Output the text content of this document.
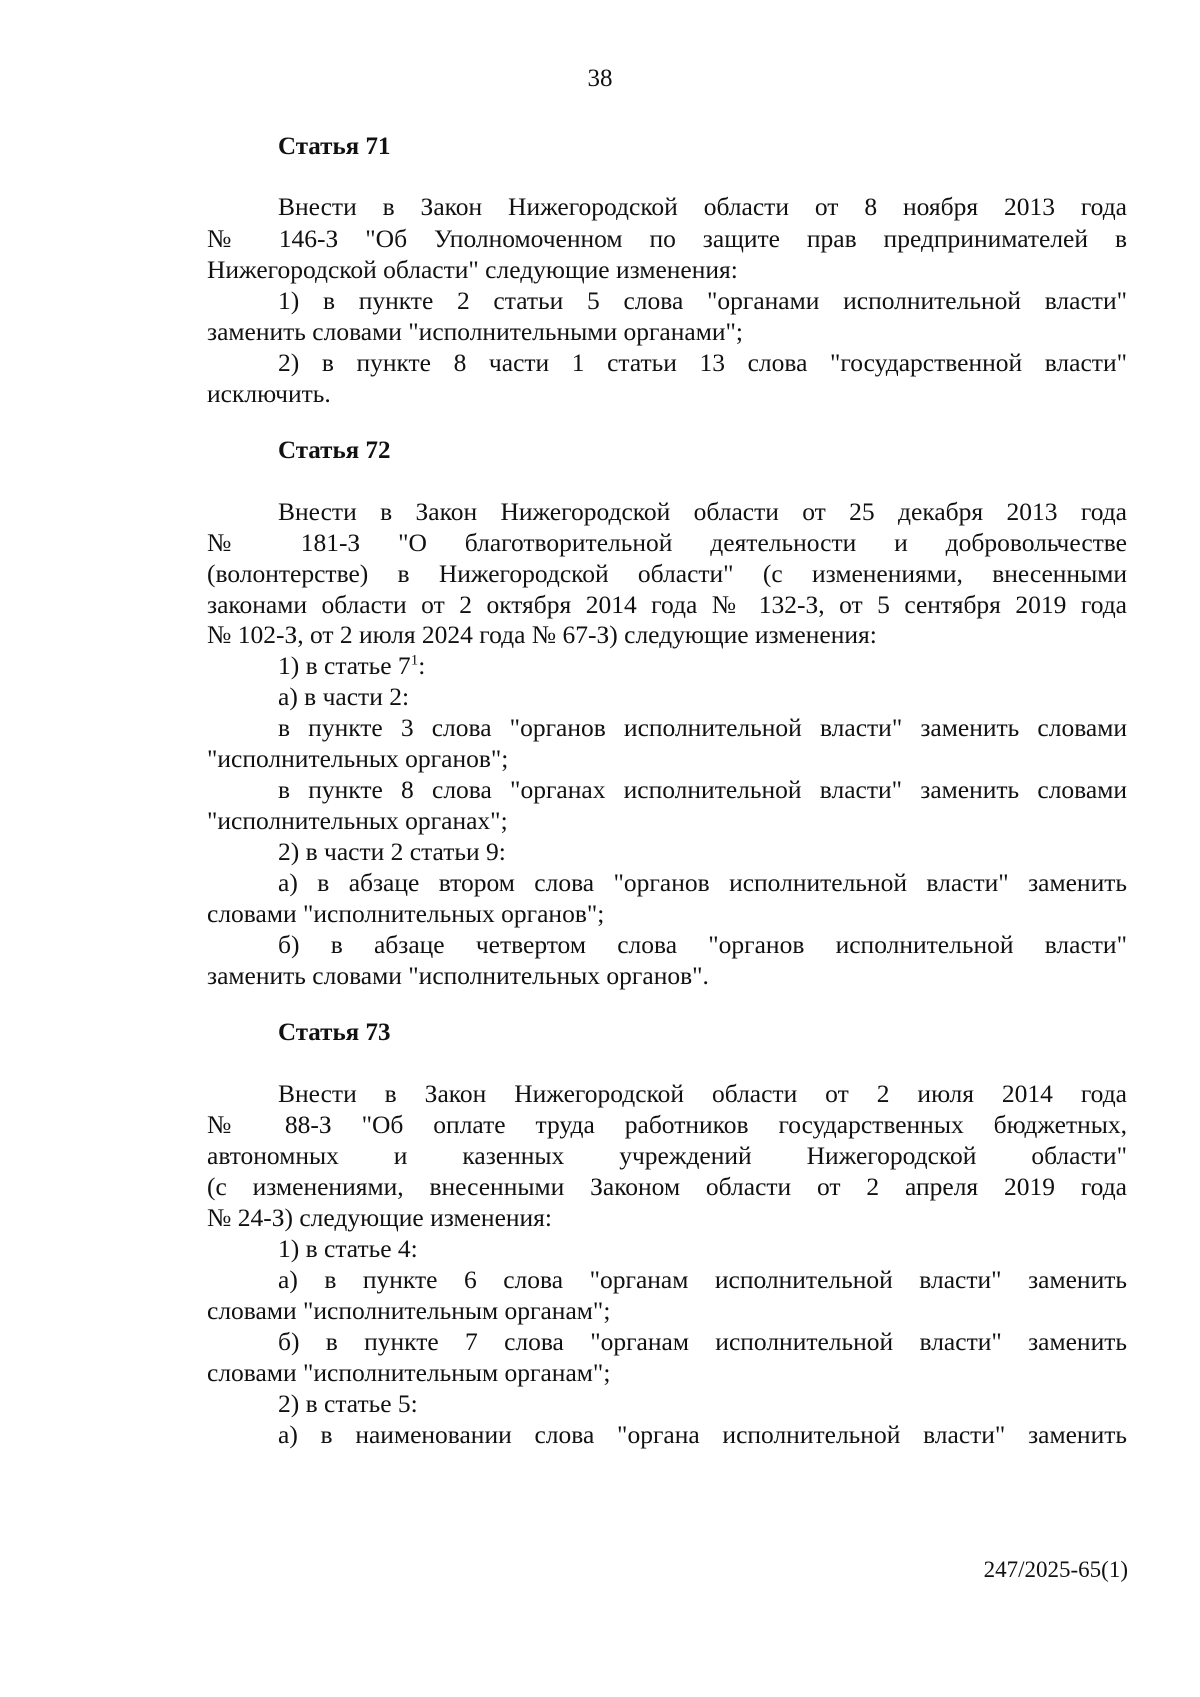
38
Статья 71
Внести в Закон Нижегородской области от 8 ноября 2013 года
№ 146-З "Об Уполномоченном по защите прав предпринимателей в
Нижегородской области" следующие изменения:
1) в пункте 2 статьи 5 слова "органами исполнительной власти"
заменить словами "исполнительными органами";
2) в пункте 8 части 1 статьи 13 слова "государственной власти"
исключить.
Статья 72
Внести в Закон Нижегородской области от 25 декабря 2013 года
№ 181-З "О благотворительной деятельности и добровольчестве
(волонтерстве) в Нижегородской области" (с изменениями, внесенными
законами области от 2 октября 2014 года № 132-З, от 5 сентября 2019 года
№ 102-З, от 2 июля 2024 года № 67-З) следующие изменения:
1) в статье $7^1$:
а) в части 2:
в пункте 3 слова "органов исполнительной власти" заменить словами
"исполнительных органов";
в пункте 8 слова "органах исполнительной власти" заменить словами
"исполнительных органах";
2) в части 2 статьи 9:
а) в абзаце втором слова "органов исполнительной власти" заменить
словами "исполнительных органов";
б) в абзаце четвертом слова "органов исполнительной власти"
заменить словами "исполнительных органов".
Статья 73
Внести в Закон Нижегородской области от 2 июля 2014 года
№ 88-З "Об оплате труда работников государственных бюджетных,
автономных и казенных учреждений Нижегородской области"
(с изменениями, внесенными Законом области от 2 апреля 2019 года
№ 24-З) следующие изменения:
1) в статье 4:
а) в пункте 6 слова "органам исполнительной власти" заменить
словами "исполнительным органам";
б) в пункте 7 слова "органам исполнительной власти" заменить
словами "исполнительным органам";
2) в статье 5:
а) в наименовании слова "органа исполнительной власти" заменить
247/2025-65(1)
